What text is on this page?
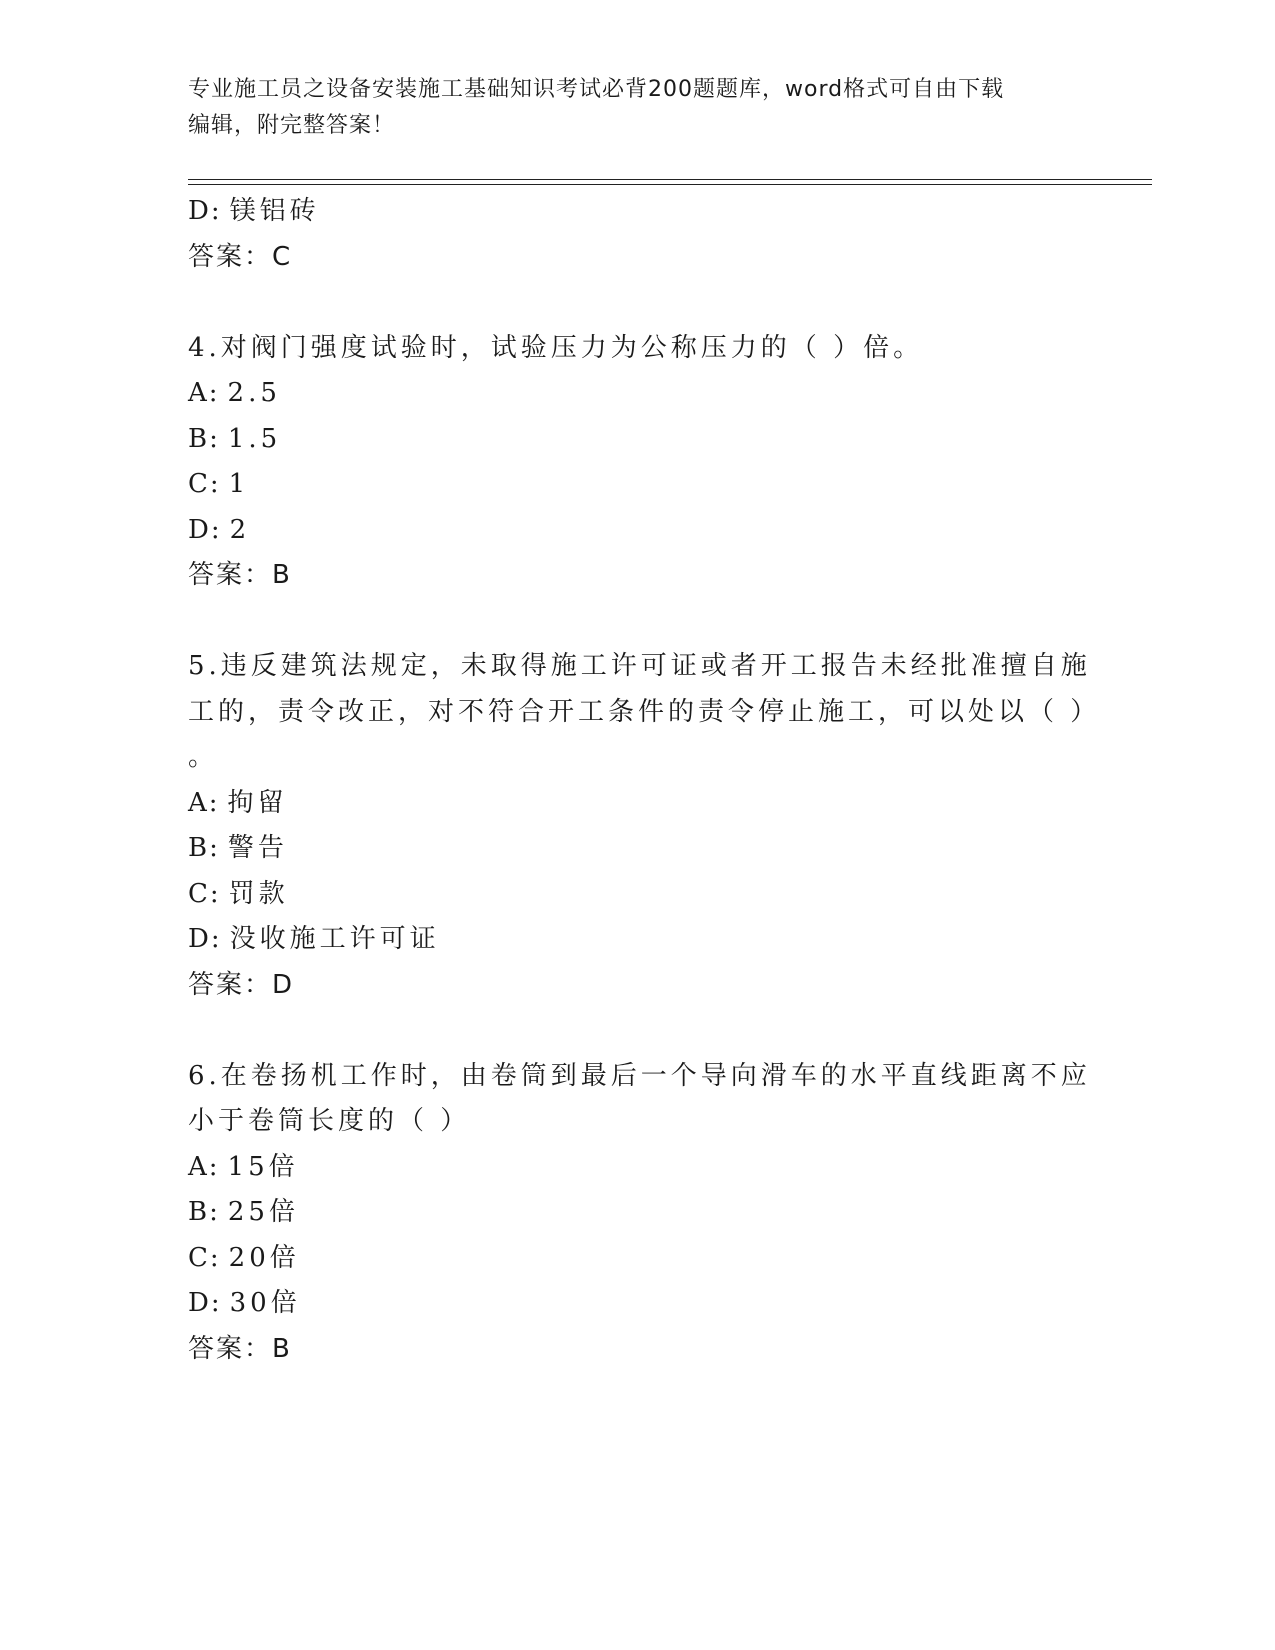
专业施工员之设备安装施工基础知识考试必背200题题库，word格式可自由下载
编辑，附完整答案！
D: 镁铝砖
答案：C
4.对阀门强度试验时，试验压力为公称压力的（ ）倍。
A: 2.5
B: 1.5
C: 1
D: 2
答案：B
5.违反建筑法规定，未取得施工许可证或者开工报告未经批准擅自施
工的，责令改正，对不符合开工条件的责令停止施工，可以处以（ ）
。
A: 拘留
B: 警告
C: 罚款
D: 没收施工许可证
答案：D
6.在卷扬机工作时，由卷筒到最后一个导向滑车的水平直线距离不应
小于卷筒长度的（ ）
A: 15倍
B: 25倍
C: 20倍
D: 30倍
答案：B
